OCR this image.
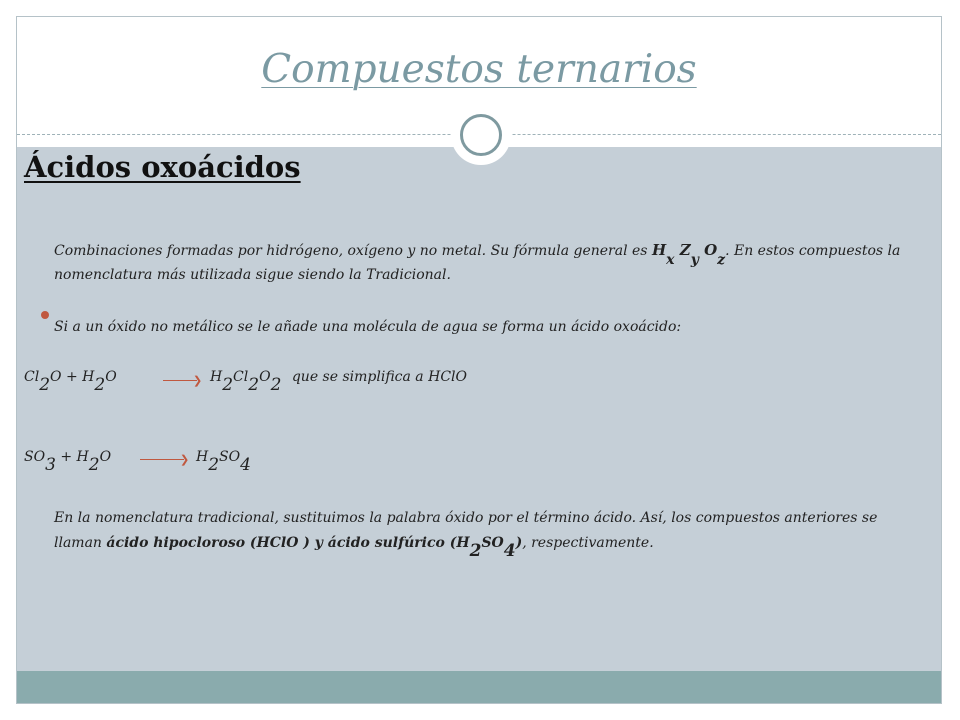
Compuestos ternarios
Ácidos oxoácidos
Combinaciones formadas por hidrógeno, oxígeno y no metal. Su fórmula general es Hx Zy Oz. En estos compuestos la nomenclatura más utilizada sigue siendo la Tradicional.
Si a un óxido no metálico se le añade una molécula de agua se forma un ácido oxoácido:
Cl2O + H2O	❯ H2Cl2O2 que se simplifica a HClO
SO3 + H2O	❯ H2SO4
En la nomenclatura tradicional, sustituimos la palabra óxido por el término ácido. Así, los compuestos anteriores se llaman ácido hipocloroso (HClO ) y ácido sulfúrico (H2SO4), respectivamente.
